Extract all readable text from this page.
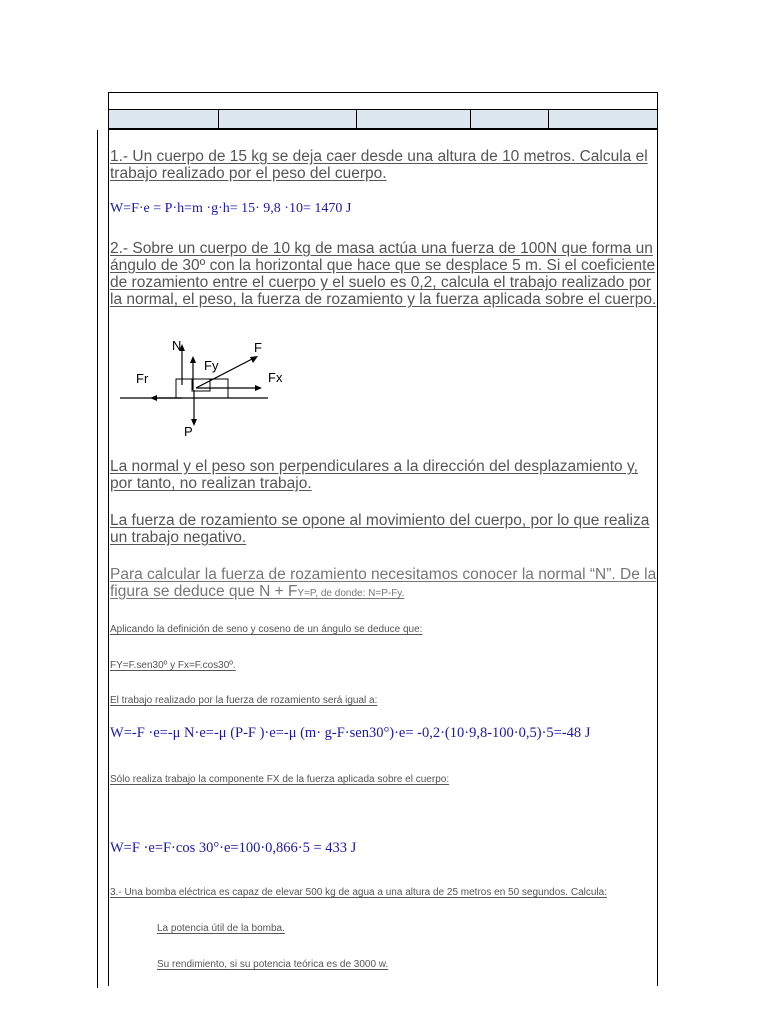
1.- Un cuerpo de 15 kg se deja caer desde una altura de 10 metros. Calcula el trabajo realizado por el peso del cuerpo.
W=F·e = P·h=m ·g·h= 15· 9,8 ·10= 1470 J
2.- Sobre un cuerpo de 10 kg de masa actúa una fuerza de 100N que forma un ángulo de 30º con la horizontal que hace que se desplace 5 m. Si el coeficiente de rozamiento entre el cuerpo y el suelo es 0,2, calcula el trabajo realizado por la normal, el peso, la fuerza de rozamiento y la fuerza aplicada sobre el cuerpo.
N
Fy
F
Fr	Fx
P
La normal y el peso son perpendiculares a la dirección del desplazamiento y, por tanto, no realizan trabajo.
La fuerza de rozamiento se opone al movimiento del cuerpo, por lo que realiza un trabajo negativo.
Para calcular la fuerza de rozamiento necesitamos conocer la normal “N”. De la figura se deduce que N + FY=P, de donde: N=P-Fy.
Aplicando la definición de seno y coseno de un ángulo se deduce que:
FY=F.sen30º y Fx=F.cos30º.
El trabajo realizado por la fuerza de rozamiento será igual a:
W=-F ·e=-μ N·e=-μ (P-F )·e=-μ (m· g-F·sen30°)·e= -0,2·(10·9,8-100·0,5)·5=-48 J
Sólo realiza trabajo la componente FX de la fuerza aplicada sobre el cuerpo:
W=F ·e=F·cos 30°·e=100·0,866·5 = 433 J
3.- Una bomba eléctrica es capaz de elevar 500 kg de agua a una altura de 25 metros en 50 segundos. Calcula:
La potencia útil de la bomba.
Su rendimiento, si su potencia teórica es de 3000 w.
